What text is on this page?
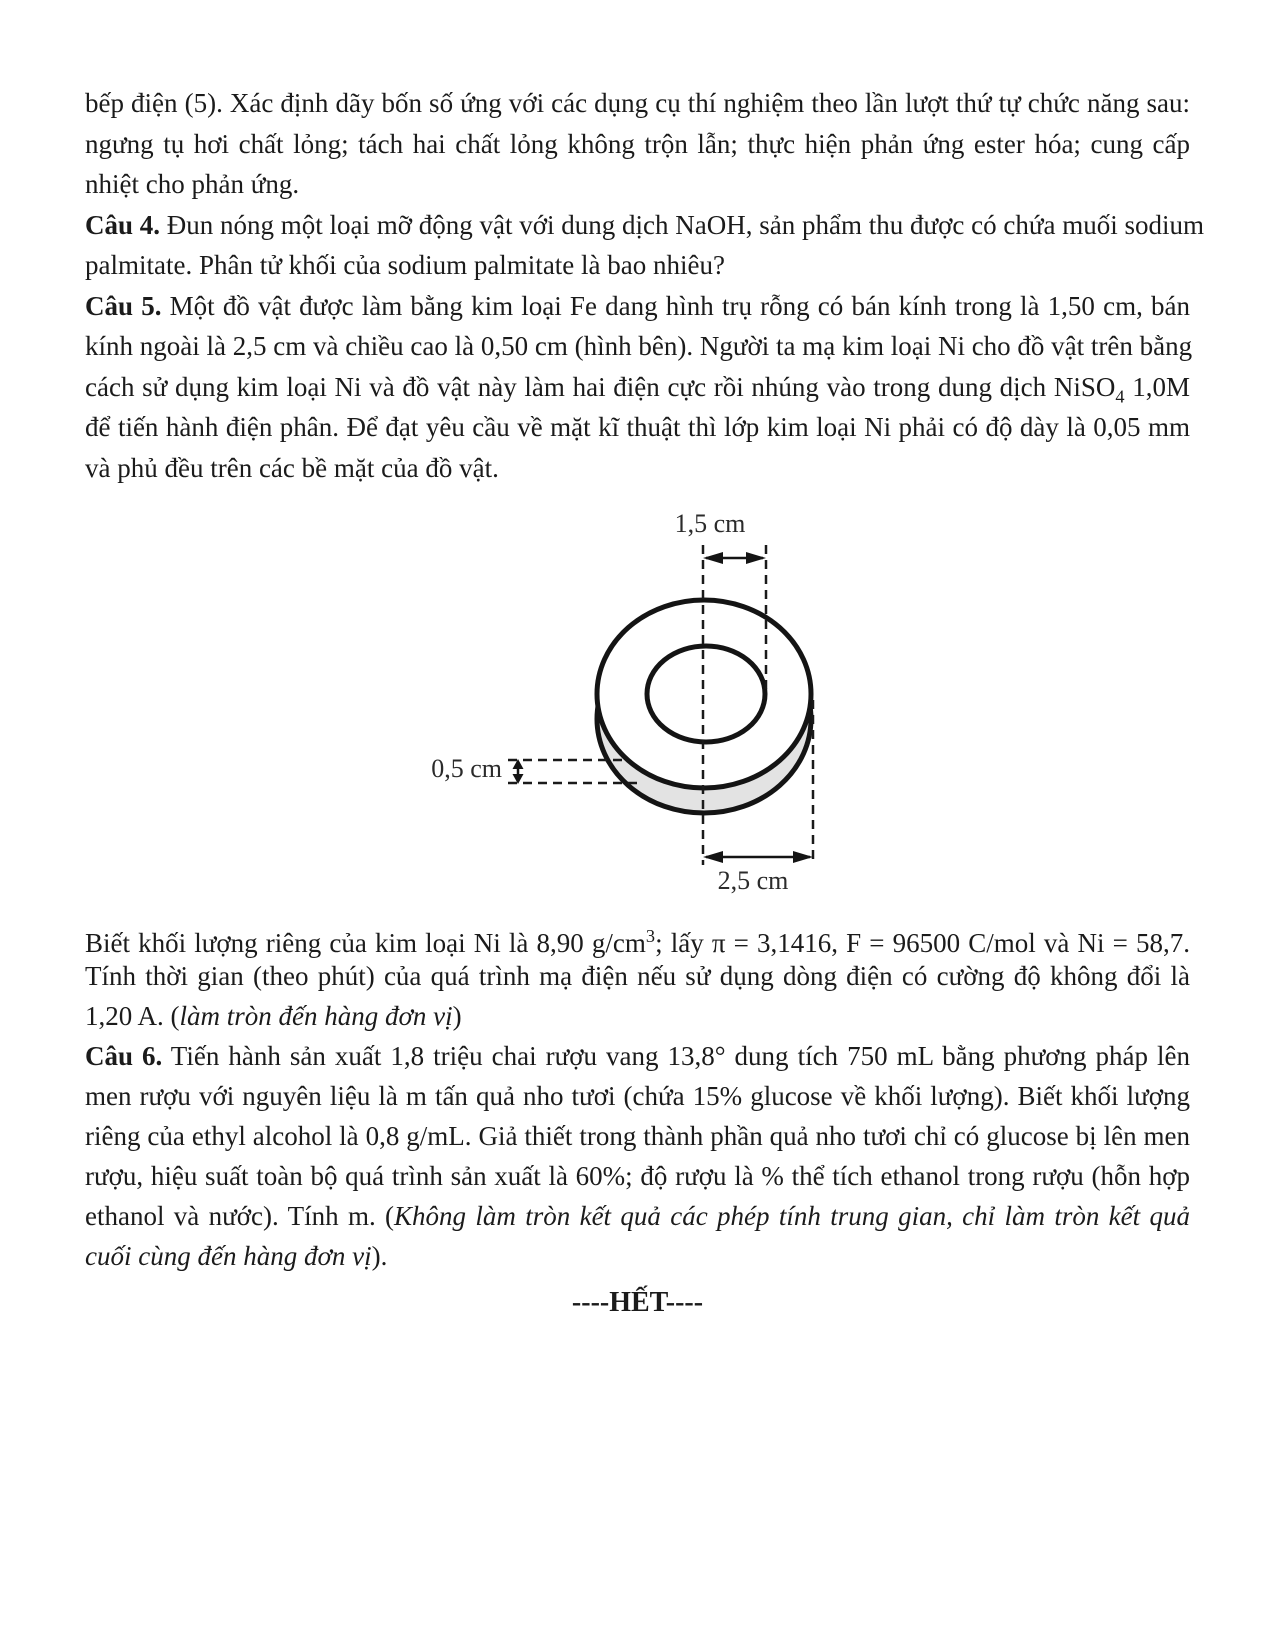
bếp điện (5). Xác định dãy bốn số ứng với các dụng cụ thí nghiệm theo lần lượt thứ tự chức năng sau:
ngưng tụ hơi chất lỏng; tách hai chất lỏng không trộn lẫn; thực hiện phản ứng ester hóa; cung cấp
nhiệt cho phản ứng.
Câu 4. Đun nóng một loại mỡ động vật với dung dịch NaOH, sản phẩm thu được có chứa muối sodium
palmitate. Phân tử khối của sodium palmitate là bao nhiêu?
Câu 5. Một đồ vật được làm bằng kim loại Fe dang hình trụ rỗng có bán kính trong là 1,50 cm, bán
kính ngoài là 2,5 cm và chiều cao là 0,50 cm (hình bên). Người ta mạ kim loại Ni cho đồ vật trên bằng
cách sử dụng kim loại Ni và đồ vật này làm hai điện cực rồi nhúng vào trong dung dịch NiSO$_4$ 1,0M
để tiến hành điện phân. Để đạt yêu cầu về mặt kĩ thuật thì lớp kim loại Ni phải có độ dày là 0,05 mm
và phủ đều trên các bề mặt của đồ vật.
1,5 cm
0,5 cm
2,5 cm
Biết khối lượng riêng của kim loại Ni là 8,90 $g/cm^3$; lấy π = 3,1416, F = 96500 C/mol và Ni = 58,7.
Tính thời gian (theo phút) của quá trình mạ điện nếu sử dụng dòng điện có cường độ không đổi là
1,20 A. (làm tròn đến hàng đơn vị)
Câu 6. Tiến hành sản xuất 1,8 triệu chai rượu vang 13,8° dung tích 750 mL bằng phương pháp lên
men rượu với nguyên liệu là m tấn quả nho tươi (chứa 15% glucose về khối lượng). Biết khối lượng
riêng của ethyl alcohol là 0,8 g/mL. Giả thiết trong thành phần quả nho tươi chỉ có glucose bị lên men
rượu, hiệu suất toàn bộ quá trình sản xuất là 60%; độ rượu là % thể tích ethanol trong rượu (hỗn hợp
ethanol và nước). Tính m. (Không làm tròn kết quả các phép tính trung gian, chỉ làm tròn kết quả
cuối cùng đến hàng đơn vị).
----HẾT----
